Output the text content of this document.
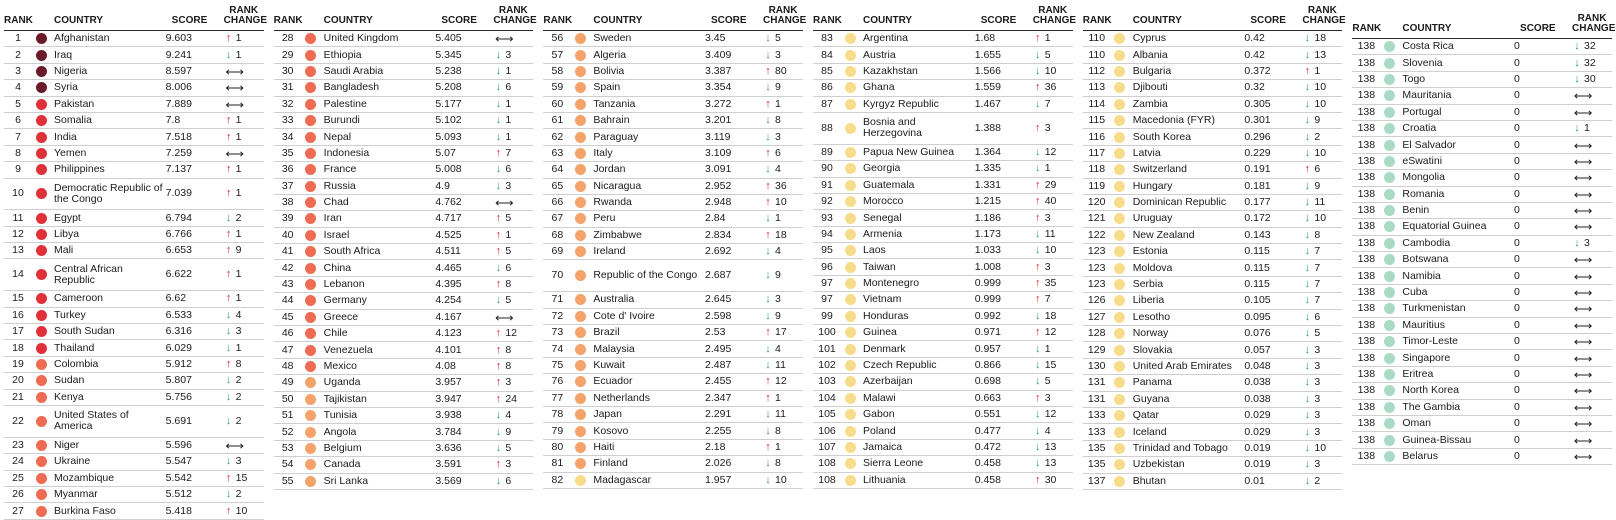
RANK	COUNTRY	SCORE
RANK
CHANGE
1	Afghanistan	9.603	↑ 1
2	Iraq	9.241	↓ 1
3	Nigeria	8.597	⟷
4	Syria	8.006	⟷
5	Pakistan	7.889	⟷
6	Somalia	7.8	↑ 1
7	India	7.518	↑ 1
8	Yemen	7.259	⟷
9	Philippines	7.137	↑ 1
10	Democratic Republic of the Congo	7.039	↑ 1
11	Egypt	6.794	↓ 2
12	Libya	6.766	↑ 1
13	Mali	6.653	↑ 9
14	Central African Republic	6.622	↑ 1
15	Cameroon	6.62	↑ 1
16	Turkey	6.533	↓ 4
17	South Sudan	6.316	↓ 3
18	Thailand	6.029	↓ 1
19	Colombia	5.912	↑ 8
20	Sudan	5.807	↓ 2
21	Kenya	5.756	↓ 2
22	United States of America	5.691	↓ 2
23	Niger	5.596	⟷
24	Ukraine	5.547	↓ 3
25	Mozambique	5.542	↑ 15
26	Myanmar	5.512	↓ 2
27	Burkina Faso	5.418	↑ 10
RANK	COUNTRY	SCORE
RANK
CHANGE
28	United Kingdom	5.405	⟷
29	Ethiopia	5.345	↓ 3
30	Saudi Arabia	5.238	↓ 1
31	Bangladesh	5.208	↓ 6
32	Palestine	5.177	↓ 1
33	Burundi	5.102	↓ 1
34	Nepal	5.093	↓ 1
35	Indonesia	5.07	↑ 7
36	France	5.008	↓ 6
37	Russia	4.9	↓ 3
38	Chad	4.762	⟷
39	Iran	4.717	↑ 5
40	Israel	4.525	↑ 1
41	South Africa	4.511	↑ 5
42	China	4.465	↓ 6
43	Lebanon	4.395	↑ 8
44	Germany	4.254	↓ 5
45	Greece	4.167	⟷
46	Chile	4.123	↑ 12
47	Venezuela	4.101	↑ 8
48	Mexico	4.08	↑ 8
49	Uganda	3.957	↑ 3
50	Tajikistan	3.947	↑ 24
51	Tunisia	3.938	↓ 4
52	Angola	3.784	↓ 9
53	Belgium	3.636	↓ 5
54	Canada	3.591	↑ 3
55	Sri Lanka	3.569	↓ 6
RANK	COUNTRY	SCORE
RANK
CHANGE
56	Sweden	3.45	↓ 5
57	Algeria	3.409	↓ 3
58	Bolivia	3.387	↑ 80
59	Spain	3.354	↓ 9
60	Tanzania	3.272	↑ 1
61	Bahrain	3.201	↓ 8
62	Paraguay	3.119	↓ 3
63	Italy	3.109	↑ 6
64	Jordan	3.091	↓ 4
65	Nicaragua	2.952	↑ 36
66	Rwanda	2.948	↑ 10
67	Peru	2.84	↓ 1
68	Zimbabwe	2.834	↑ 18
69	Ireland	2.692	↓ 4
70	Republic of the Congo 2.687	↓ 9
71	Australia	2.645	↓ 3
72	Cote d' Ivoire	2.598	↓ 9
73	Brazil	2.53	↑ 17
74	Malaysia	2.495	↓ 4
75	Kuwait	2.487	↓ 11
76	Ecuador	2.455	↑ 12
77	Netherlands	2.347	↑ 1
78	Japan	2.291	↓ 11
79	Kosovo	2.255	↓ 8
80	Haiti	2.18	↑ 1
81	Finland	2.026	↓ 8
82	Madagascar	1.957	↓ 10
RANK	COUNTRY	SCORE
RANK
CHANGE
83	Argentina	1.68	↑ 1
84	Austria	1.655	↓ 5
85	Kazakhstan	1.566	↓ 10
86	Ghana	1.559	↑ 36
87	Kyrgyz Republic	1.467	↓ 7
88	Bosnia and Herzegovina	1.388	↑ 3
89	Papua New Guinea	1.364	↓ 12
90	Georgia	1.335	↓ 1
91	Guatemala	1.331	↑ 29
92	Morocco	1.215	↑ 40
93	Senegal	1.186	↑ 3
94	Armenia	1.173	↓ 11
95	Laos	1.033	↓ 10
96	Taiwan	1.008	↑ 3
97	Montenegro	0.999	↑ 35
97	Vietnam	0.999	↑ 7
99	Honduras	0.992	↓ 18
100	Guinea	0.971	↑ 12
101	Denmark	0.957	↓ 1
102	Czech Republic	0.866	↓ 15
103	Azerbaijan	0.698	↓ 5
104	Malawi	0.663	↑ 3
105	Gabon	0.551	↓ 12
106	Poland	0.477	↓ 4
107	Jamaica	0.472	↓ 13
108	Sierra Leone	0.458	↓ 13
108	Lithuania	0.458	↑ 30
RANK	COUNTRY	SCORE
RANK
CHANGE
110	Cyprus	0.42	↓ 18
110	Albania	0.42	↓ 13
112	Bulgaria	0.372	↑ 1
113	Djibouti	0.32	↓ 10
114	Zambia	0.305	↓ 10
115	Macedonia (FYR)	0.301	↓ 9
116	South Korea	0.296	↓ 2
117	Latvia	0.229	↓ 10
118	Switzerland	0.191	↑ 6
119	Hungary	0.181	↓ 9
120	Dominican Republic	0.177	↓ 11
121	Uruguay	0.172	↓ 10
122	New Zealand	0.143	↓ 8
123	Estonia	0.115	↓ 7
123	Moldova	0.115	↓ 7
123	Serbia	0.115	↓ 7
126	Liberia	0.105	↓ 7
127	Lesotho	0.095	↓ 6
128	Norway	0.076	↓ 5
129	Slovakia	0.057	↓ 3
130	United Arab Emirates	0.048	↓ 3
131	Panama	0.038	↓ 3
131	Guyana	0.038	↓ 3
133	Qatar	0.029	↓ 3
133	Iceland	0.029	↓ 3
135	Trinidad and Tobago	0.019	↓ 10
135	Uzbekistan	0.019	↓ 3
137	Bhutan	0.01	↓ 2
RANK	COUNTRY	SCORE
RANK
CHANGE
138	Costa Rica	0	↓ 32
138	Slovenia	0	↓ 32
138	Togo	0	↓ 30
138	Mauritania	0	⟷
138	Portugal	0	⟷
138	Croatia	0	↓ 1
138	El Salvador	0	⟷
138	eSwatini	0	⟷
138	Mongolia	0	⟷
138	Romania	0	⟷
138	Benin	0	⟷
138	Equatorial Guinea	0	⟷
138	Cambodia	0	↓ 3
138	Botswana	0	⟷
138	Namibia	0	⟷
138	Cuba	0	⟷
138	Turkmenistan	0	⟷
138	Mauritius	0	⟷
138	Timor-Leste	0	⟷
138	Singapore	0	⟷
138	Eritrea	0	⟷
138	North Korea	0	⟷
138	The Gambia	0	⟷
138	Oman	0	⟷
138	Guinea-Bissau	0	⟷
138	Belarus	0	⟷
